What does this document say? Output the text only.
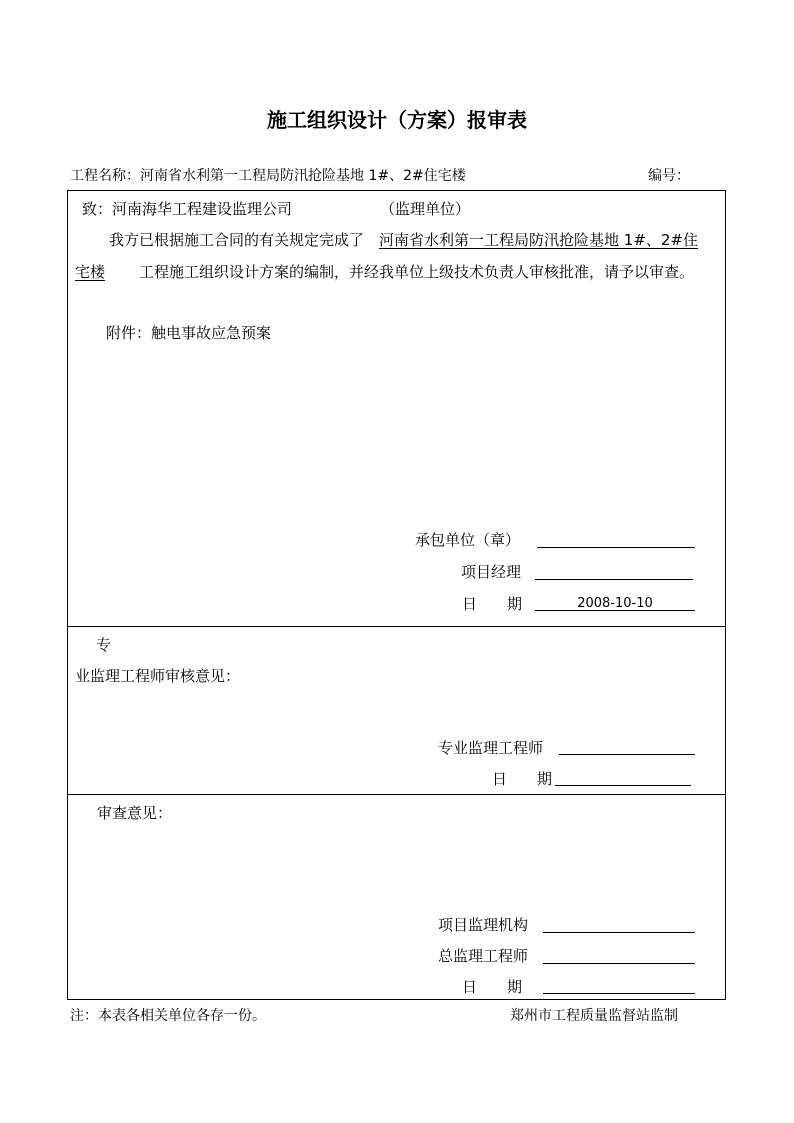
施工组织设计（方案）报审表
工程名称：河南省水利第一工程局防汛抢险基地 1#、2#住宅楼	编号：
致：河南海华工程建设监理公司	（监理单位）
我方已根据施工合同的有关规定完成了 河南省水利第一工程局防汛抢险基地 1#、2#住
宅楼	工程施工组织设计方案的编制，并经我单位上级技术负责人审核批准，请予以审查。
附件：触电事故应急预案
承包单位（章）
项目经理
日　　期	2008-10-10
专
业监理工程师审核意见：
专业监理工程师
日　　期
审查意见：
项目监理机构
总监理工程师
日　　期
注：本表各相关单位各存一份。	郑州市工程质量监督站监制
